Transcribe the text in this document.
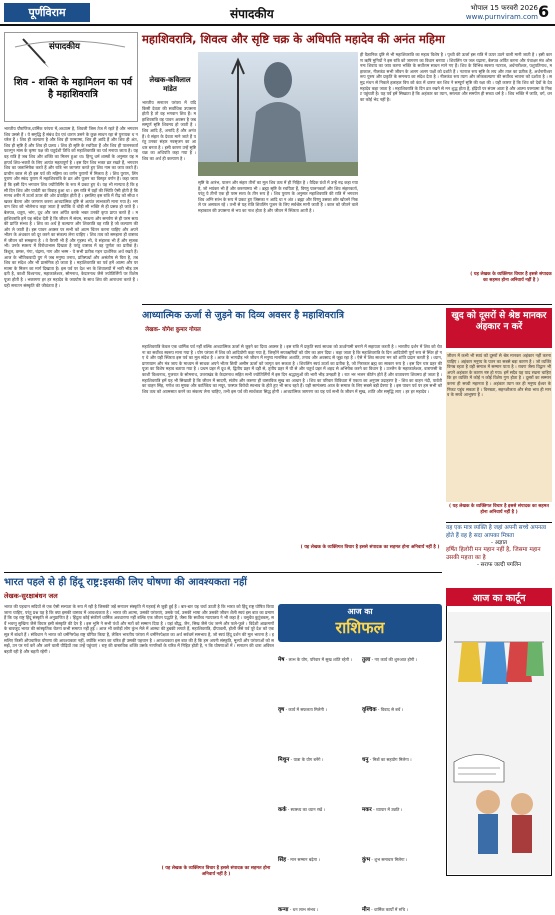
पूर्णविराम	संपादकीय	भोपाल 15 फरवरी 2026
www.purnviram.com 6
संपादकीय
शिव - शक्ति के महामिलन का पर्व है महाशिवरात्रि
भारतीय पौराणिक,धार्मिक परंपरा में,अध्यात्म है, शिवजी जिस तेज में रहते हैं और भगवान शिव उससे हैं । ये समृद्धि हैं संबंध देव एवं धारण उसने के कुछ साधन रहा से युनायक थ नचरेल हैं । शिव ही कल्याण है और शिव ही परमात्मा, शिव ही आदि हैं और शिव ही अंत, शिव ही सृष्टि हैं और शिव ही प्रलय । शिव ही सृष्टि के रचयिता हैं और शिव ही पालनकर्ता फाल्गुन मास के कृष्ण पक्ष की चतुर्दशी तिथि को महाशिवरात्रि का पर्व मनाया जाता है। यह वह रात्रि है जब शिव और शक्ति का मिलन हुआ था। हिन्दू धर्म शास्त्रों के अनुसार यह महापर्व शिव-भक्तों के लिए अत्यंत महत्वपूर्ण है । इस दिन शिव भक्त व्रत रखते हैं, भगवान शिव का जलाभिषेक करते हैं और रात्रि भर जागरण करते हुए शिव नाम का जाप करते हैं। प्राचीन काल से ही इस पर्व की महिमा का वर्णन पुराणों में मिलता है । शिव पुराण, लिंग पुराण और स्कंद पुराण में महाशिवरात्रि के व्रत और पूजन का विस्तृत वर्णन है। कहा जाता है कि इसी दिन भगवान शिव ज्योतिर्लिंग के रूप में प्रकट हुए थे। यह भी मान्यता है कि इसी दिन शिव और पार्वती का विवाह हुआ था । इस रात्रि में ग्रहों की स्थिति ऐसी होती है कि मानव शरीर में ऊर्जा ऊपर की ओर प्रवाहित होती है । इसलिए इस रात्रि में रीढ़ को सीधा रखकर बैठना और जागरण करना आध्यात्मिक दृष्टि से अत्यंत लाभकारी माना गया है। भगवान शिव को भोलेनाथ कहा जाता है क्योंकि वे थोड़ी सी भक्ति से ही प्रसन्न हो जाते हैं । बेलपत्र, धतूरा, भांग, दूध और जल अर्पित करके भक्त उनकी कृपा प्राप्त करते हैं । महाशिवरात्रि हमें यह संदेश देती है कि जीवन में संयम, साधना और समर्पण से ही परम सत्य की प्राप्ति संभव है । शिव का अर्थ है कल्याण और शिवरात्रि वह रात्रि है जो कल्याण की ओर ले जाती है। इस पावन अवसर पर सभी को आत्म चिंतन करना चाहिए और अपने भीतर के अंधकार को दूर करने का संकल्प लेना चाहिए । शिव तत्व को समझना ही वास्तव में जीवन को समझना है । वे वैरागी भी हैं और गृहस्थ भी, वे संहारक भी हैं और सृजक भी। उनके स्वरूप में विरोधाभास दिखता है परंतु वास्तव में वह पूर्णता का प्रतीक है। त्रिशूल, डमरू, गंगा, चंद्रमा, नाग और भस्म - ये सभी प्रतीक गहन दार्शनिक अर्थ रखते हैं। आज के भौतिकवादी युग में जब मनुष्य तनाव, प्रतिस्पर्धा और असंतोष से घिरा है, तब शिव का संदेश और भी प्रासंगिक हो जाता है । महाशिवरात्रि का पर्व हमें आत्मा और परमात्मा के मिलन का मार्ग दिखाता है। इस पर्व पर देश भर के शिवालयों में भारी भीड़ उमड़ती है, काशी विश्वनाथ, महाकालेश्वर, सोमनाथ, केदारनाथ जैसे ज्योतिर्लिंगों पर विशेष पूजा होती है । भक्तगण हर हर महादेव के जयघोष के साथ शिव की आराधना करते हैं । यही सनातन संस्कृति की जीवंतता है ।
महाशिवरात्रि, शिवत्व और सृष्टि चक्र के अधिपति महादेव की अनंत महिमा
लेखक-कविलाल मांडेत
भारतीय सनातन परंपरा में यदि किसी देवता की सर्वाधिक उपासना होती है तो वह भगवान शिव हैं। महाशिवरात्रि वह पावन अवसर है जब सम्पूर्ण सृष्टि शिवमय हो जाती है । शिव आदि हैं, अनादि हैं और अनंत हैं। वे संहार के देवता माने जाते हैं परंतु उनका संहार नवसृजन का आधार बनता है । इसी कारण उन्हें सृष्टि चक्र का अधिपति कहा गया है । शिव का अर्थ ही कल्याण है ।
ही वैज्ञानिक दृष्टि से भी महाशिवरात्रि का महत्व विशेष है । पृथ्वी की ऊर्जा इस रात्रि में ऊपर उठने वाली मानी जाती है । इसी कारण ऋषि मुनियों ने इस रात्रि को जागरण का विधान बनाया । शिवलिंग पर जल चढ़ाना, बेलपत्र अर्पित करना और पंचाक्षर मंत्र ओम नमः शिवाय का जाप करना भक्ति के सर्वोत्तम साधन माने गए हैं। शिव के विभिन्न स्वरूप नटराज, अर्धनारीश्वर, पशुपतिनाथ, महाकाल, नीलकंठ सभी जीवन के अलग अलग पक्षों को दर्शाते हैं । नटराज रूप सृष्टि के लय और ताल का प्रतीक है, अर्धनारीश्वर रूप पुरुष और प्रकृति के समन्वय का संदेश देता है । नीलकंठ रूप त्याग और लोककल्याण की सर्वोच्च भावना को दर्शाता है । समुद्र मंथन से निकले हलाहल विष को कंठ में धारण कर शिव ने सम्पूर्ण सृष्टि की रक्षा की । यही कारण है कि शिव को देवों के देव महादेव कहा जाता है । महाशिवरात्रि के दिन व्रत रखने से मन शुद्ध होता है, इंद्रियों पर संयम आता है और आत्मा परमात्मा के निकट पहुंचती है। यह पर्व हमें सिखाता है कि अहंकार का त्याग, सरलता और समर्पण ही सच्चा धर्म है । शिव भक्ति में जाति, वर्ग, धन का कोई भेद नहीं है।
सृष्टि के आरंभ, पालन और संहार तीनों का मूल शिव तत्व में ही निहित है । वैदिक ग्रंथों में उन्हें रुद्र कहा गया है, जो भयंकर भी हैं और करुणामय भी । ब्रह्मा सृष्टि के रचयिता हैं, विष्णु पालनकर्ता और शिव संहारकर्ता, परंतु ये तीनों एक ही परम सत्ता के तीन रूप हैं । शिव पुराण के अनुसार महाशिवरात्रि की रात्रि में भगवान शिव अग्नि स्तंभ के रूप में प्रकट हुए जिसका न आदि था न अंत । ब्रह्मा और विष्णु उसका छोर खोजने निकले पर असफल रहे । तभी से यह रात्रि शिवलिंग पूजन के लिए सर्वश्रेष्ठ मानी जाती है । काल को जीतने वाले महाकाल की उपासना से भय का नाश होता है और जीवन में स्थिरता आती है ।
( यह लेखक के व्यक्तिगत विचार है इससे संपादक का सहमत होना अनिवार्य नहीं है )
आध्यात्मिक ऊर्जा से जुड़ने का दिव्य अवसर है महाशिवरात्रि
लेखक- योगेश कुमार गोयल
महाशिवरात्रि केवल एक धार्मिक पर्व नहीं बल्कि आध्यात्मिक ऊर्जा से जुड़ने का दिव्य अवसर है । इस रात्रि में प्रकृति स्वयं साधक को ऊर्ध्वगामी बनाने में सहायता करती है । भारतीय दर्शन में शिव को चेतना का सर्वोच्च स्वरूप माना गया है । योग परंपरा में शिव को आदियोगी कहा गया है, जिन्होंने सप्तऋषियों को योग का ज्ञान दिया । कहा जाता है कि महाशिवरात्रि के दिन आदियोगी पूर्ण रूप से स्थिर हो गए थे और यही स्थिरता इस पर्व का मूल संदेश है । आज के भागदौड़ भरे जीवन में मनुष्य मानसिक अशांति, तनाव और अवसाद से जूझ रहा है । ऐसे में शिव साधना मन को शांति प्रदान करती है । ध्यान, प्राणायाम और मंत्र जाप के माध्यम से साधक अपने भीतर छिपी असीम ऊर्जा को जागृत कर सकता है । शिवलिंग स्वयं ऊर्जा का प्रतीक है, जो निराकार ब्रह्म का साकार रूप है । इस दिन चार प्रहर की पूजा का विशेष महत्व बताया गया है । प्रथम प्रहर में दूध से, द्वितीय प्रहर में दही से, तृतीय प्रहर में घी से और चतुर्थ प्रहर में शहद से अभिषेक करने का विधान है । उज्जैन के महाकालेश्वर, वाराणसी के काशी विश्वनाथ, गुजरात के सोमनाथ, उत्तराखंड के केदारनाथ सहित सभी ज्योतिर्लिंगों में इस दिन श्रद्धालुओं की भारी भीड़ उमड़ती है । रात भर भजन कीर्तन होते हैं और वातावरण शिवमय हो जाता है । महाशिवरात्रि हमें यह भी सिखाती है कि जीवन में सादगी, संतोष और करुणा ही वास्तविक सुख का आधार है । शिव का परिवार विविधता में एकता का अनुपम उदाहरण है - शिव का वाहन नंदी, पार्वती का वाहन सिंह, गणेश का मूषक और कार्तिकेय का मयूर, परस्पर विरोधी स्वभाव के होते हुए भी साथ रहते हैं। यही सामंजस्य आज के समाज के लिए सबसे बड़ी प्रेरणा है । इस पावन पर्व पर हम सभी को शिव तत्व को आत्मसात करने का संकल्प लेना चाहिए, तभी इस पर्व की सार्थकता सिद्ध होगी । आध्यात्मिक जागरण का यह पर्व सभी के जीवन में सुख, शांति और समृद्धि लाए । हर हर महादेव ।
( यह लेखक के व्यक्तिगत विचार है इससे संपादक का सहमत होना अनिवार्य नहीं है )
खुद को दूसरों से श्रेष्ठ मानकर अंहकार न करें
जीवन में कभी भी स्वयं को दूसरों से श्रेष्ठ मानकर अहंकार नहीं करना चाहिए । अहंकार मनुष्य के पतन का सबसे बड़ा कारण है । जो व्यक्ति विनम्र रहता है वही समाज में सम्मान पाता है । रावण जैसा विद्वान भी अपने अहंकार के कारण नष्ट हो गया। हमें सदैव यह याद रखना चाहिए कि हर व्यक्ति में कोई न कोई विशेष गुण होता है । दूसरों का सम्मान करना ही सच्ची महानता है । अहंकार त्याग कर ही मनुष्य ईश्वर के निकट पहुंच सकता है । विनम्रता, सहनशीलता और सेवा भाव ही मानव के सच्चे आभूषण हैं ।
( यह लेखक के व्यक्तिगत विचार है इससे संपादक का सहमत होना अनिवार्य नहीं है )
वह एक मात्र व्यक्ति है जहां अपनी सच्चे अपनत्व होते हैं वह है सदा आपका मित्रता
- अज्ञात
हर्षित हिलोरी मन महान नहीं है, जिसमा महान उसकी महत्ता का है
- सराफ जल्दी पगलिन
भारत पहले से ही हिंदू राष्ट्र:इसकी लिए घोषणा की आवश्यकता नहीं
लेखक-सुरक्षाबंधन जल
भारत की पहचान सदियों से एक ऐसी सभ्यता के रूप में रही है जिसकी जड़ें सनातन संस्कृति में गहराई से जुड़ी हुई हैं । बार-बार यह चर्चा उठती है कि भारत को हिंदू राष्ट्र घोषित किया जाना चाहिए, परंतु प्रश्न यह है कि क्या इसकी वास्तव में आवश्यकता है । भारत की आत्मा, उसकी परंपराएं, उसके पर्व, उसकी भाषा और उसकी जीवन शैली स्वयं इस बात का प्रमाण हैं कि यह राष्ट्र हिंदू संस्कृति से अनुप्राणित है । हिंदुत्व कोई संकीर्ण धार्मिक अवधारणा नहीं बल्कि एक जीवन पद्धति है, जैसा कि सर्वोच्च न्यायालय ने भी कहा है । वसुधैव कुटुंबकम्, सर्वे भवन्तु सुखिनः जैसे विचार इसी संस्कृति की देन हैं । इस भूमि ने सभी पंथों और मतों को सम्मान दिया है । यहां बौद्ध, जैन, सिख जैसे पंथ जन्मे और फले-फूले । विदेशी आक्रमणों के बावजूद भारत की सांस्कृतिक चेतना कभी समाप्त नहीं हुई । आज भी करोड़ों लोग कुंभ मेले में आस्था की डुबकी लगाते हैं, महाशिवरात्रि, दीपावली, होली जैसे पर्व पूरे देश को एक सूत्र में बांधते हैं । संविधान ने भारत को धर्मनिरपेक्ष राष्ट्र घोषित किया है, लेकिन भारतीय परंपरा में धर्मनिरपेक्षता का अर्थ सर्वधर्म समभाव है, जो स्वयं हिंदू दर्शन की मूल भावना है । इसलिए किसी औपचारिक घोषणा की आवश्यकता नहीं, क्योंकि भारत का चरित्र ही उसकी पहचान है । आवश्यकता इस बात की है कि हम अपनी संस्कृति, मूल्यों और परंपराओं को समझें, उन पर गर्व करें और आने वाली पीढ़ियों तक उन्हें पहुंचाएं । राष्ट्र की वास्तविक शक्ति उसके नागरिकों के चरित्र में निहित होती है, न कि घोषणाओं में । सनातन की धारा अविरल बहती रही है और बहती रहेगी ।
( यह लेखक के व्यक्तिगत विचार है इससे संपादक का सहमत होना अनिवार्य नहीं है )
आज का
राशिफल
मेष - लाभ के योग, परिवार में सुख शांति रहेगी ।
वृष - कार्य में सफलता मिलेगी ।
मिथुन - यात्रा के योग बनेंगे ।
कर्क - स्वास्थ्य का ध्यान रखें ।
सिंह - मान सम्मान बढ़ेगा ।
कन्या - धन लाभ संभव ।
तुला - नए कार्य की शुरुआत होगी ।
वृश्चिक - विवाद से बचें ।
धनु - मित्रों का सहयोग मिलेगा ।
मकर - व्यापार में उन्नति ।
कुंभ - शुभ समाचार मिलेगा ।
मीन - धार्मिक कार्यों में रुचि ।
आज का कार्टून
